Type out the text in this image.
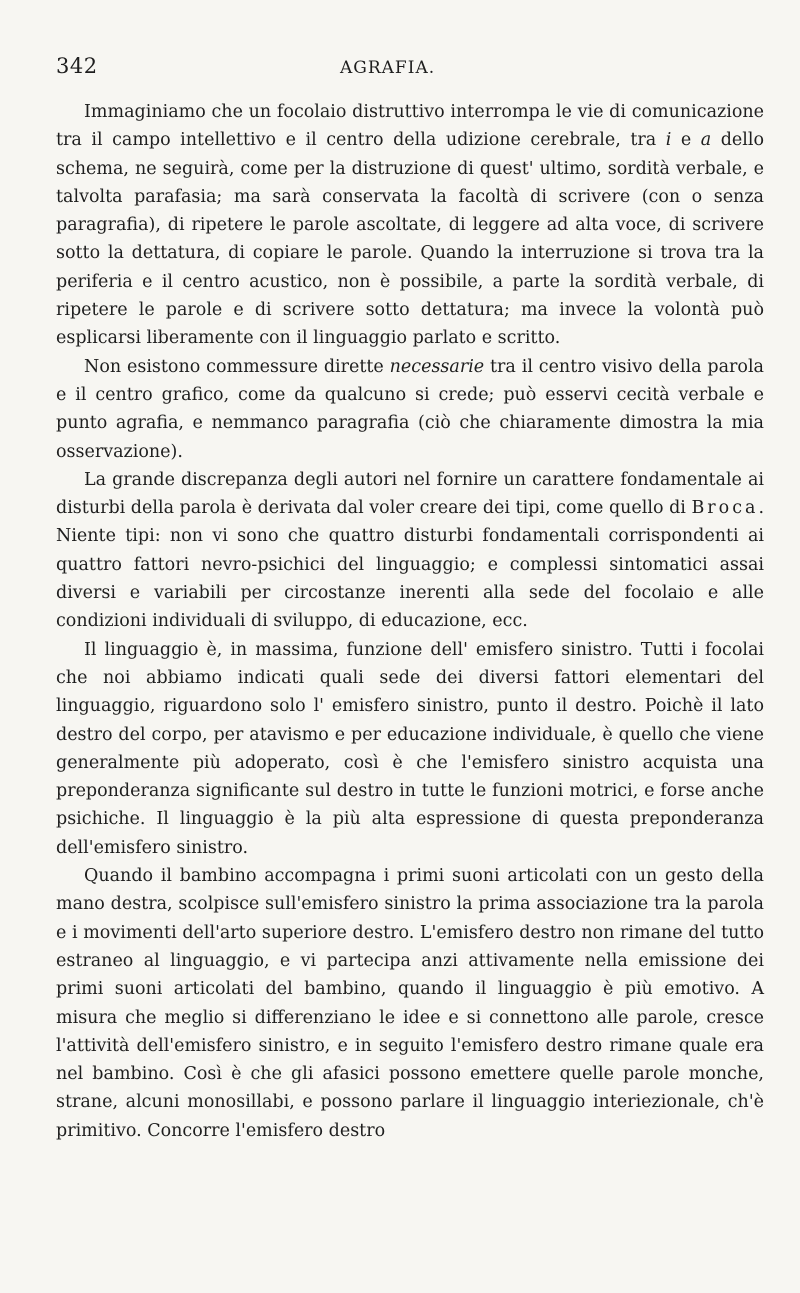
342	AGRAFIA.

Immaginiamo che un focolaio distruttivo interrompa le vie di comunicazione tra il campo intellettivo e il centro della udizione cerebrale, tra i e a dello schema, ne seguirà, come per la distruzione di quest' ultimo, sordità verbale, e talvolta parafasia; ma sarà conservata la facoltà di scrivere (con o senza paragrafia), di ripetere le parole ascoltate, di leggere ad alta voce, di scrivere sotto la dettatura, di copiare le parole. Quando la interruzione si trova tra la periferia e il centro acustico, non è possibile, a parte la sordità verbale, di ripetere le parole e di scrivere sotto dettatura; ma invece la volontà può esplicarsi liberamente con il linguaggio parlato e scritto.

Non esistono commessure dirette necessarie tra il centro visivo della parola e il centro grafico, come da qualcuno si crede; può esservi cecità verbale e punto agrafia, e nemmanco paragrafia (ciò che chiaramente dimostra la mia osservazione).

La grande discrepanza degli autori nel fornire un carattere fondamentale ai disturbi della parola è derivata dal voler creare dei tipi, come quello di Broca. Niente tipi: non vi sono che quattro disturbi fondamentali corrispondenti ai quattro fattori nevro-psichici del linguaggio; e complessi sintomatici assai diversi e variabili per circostanze inerenti alla sede del focolaio e alle condizioni individuali di sviluppo, di educazione, ecc.

Il linguaggio è, in massima, funzione dell' emisfero sinistro. Tutti i focolai che noi abbiamo indicati quali sede dei diversi fattori elementari del linguaggio, riguardono solo l' emisfero sinistro, punto il destro. Poichè il lato destro del corpo, per atavismo e per educazione individuale, è quello che viene generalmente più adoperato, così è che l'emisfero sinistro acquista una preponderanza significante sul destro in tutte le funzioni motrici, e forse anche psichiche. Il linguaggio è la più alta espressione di questa preponderanza dell'emisfero sinistro.

Quando il bambino accompagna i primi suoni articolati con un gesto della mano destra, scolpisce sull'emisfero sinistro la prima associazione tra la parola e i movimenti dell'arto superiore destro. L'emisfero destro non rimane del tutto estraneo al linguaggio, e vi partecipa anzi attivamente nella emissione dei primi suoni articolati del bambino, quando il linguaggio è più emotivo. A misura che meglio si differenziano le idee e si connettono alle parole, cresce l'attività dell'emisfero sinistro, e in seguito l'emisfero destro rimane quale era nel bambino. Così è che gli afasici possono emettere quelle parole monche, strane, alcuni monosillabi, e possono parlare il linguaggio interiezionale, ch'è primitivo. Concorre l'emisfero destro
